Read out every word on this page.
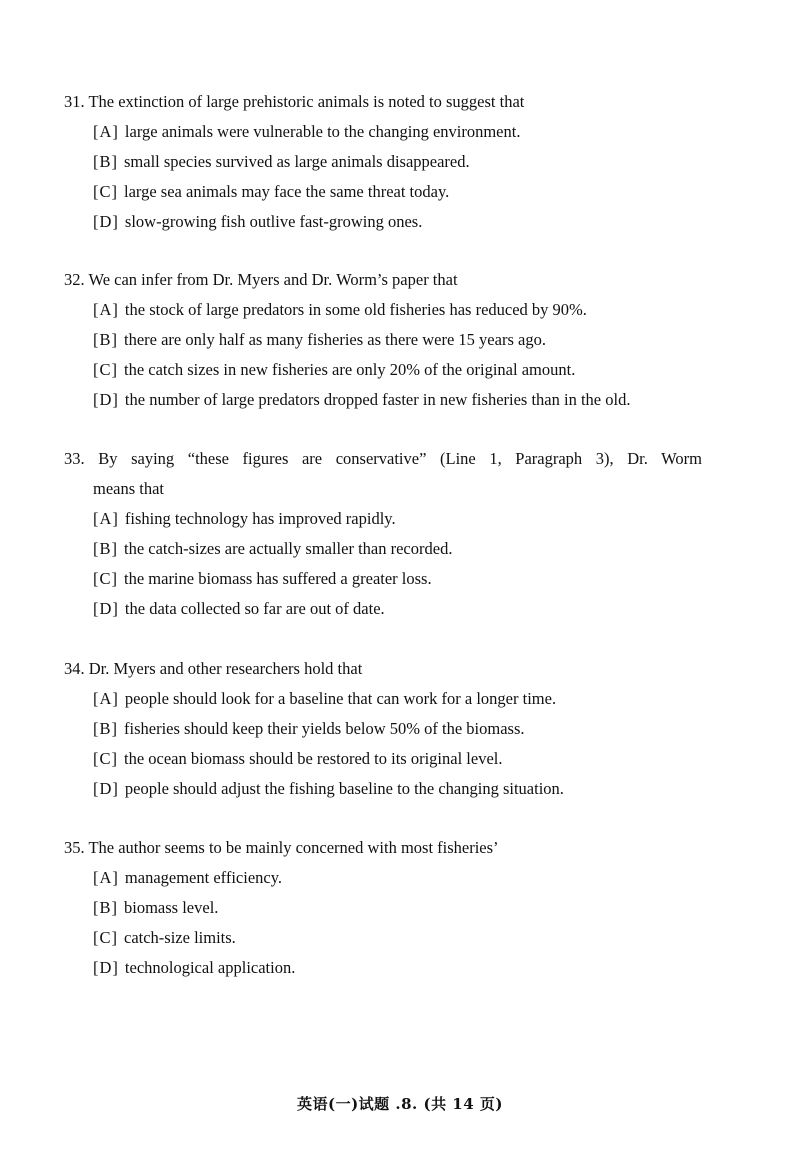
31. The extinction of large prehistoric animals is noted to suggest that
[A] large animals were vulnerable to the changing environment.
[B] small species survived as large animals disappeared.
[C] large sea animals may face the same threat today.
[D] slow-growing fish outlive fast-growing ones.
32. We can infer from Dr. Myers and Dr. Worm’s paper that
[A] the stock of large predators in some old fisheries has reduced by 90%.
[B] there are only half as many fisheries as there were 15 years ago.
[C] the catch sizes in new fisheries are only 20% of the original amount.
[D] the number of large predators dropped faster in new fisheries than in the old.
33. By saying “these figures are conservative” (Line 1, Paragraph 3), Dr. Worm
means that
[A] fishing technology has improved rapidly.
[B] the catch-sizes are actually smaller than recorded.
[C] the marine biomass has suffered a greater loss.
[D] the data collected so far are out of date.
34. Dr. Myers and other researchers hold that
[A] people should look for a baseline that can work for a longer time.
[B] fisheries should keep their yields below 50% of the biomass.
[C] the ocean biomass should be restored to its original level.
[D] people should adjust the fishing baseline to the changing situation.
35. The author seems to be mainly concerned with most fisheries’
[A] management efficiency.
[B] biomass level.
[C] catch-size limits.
[D] technological application.
英语(一)试题 .8. (共 14 页)
